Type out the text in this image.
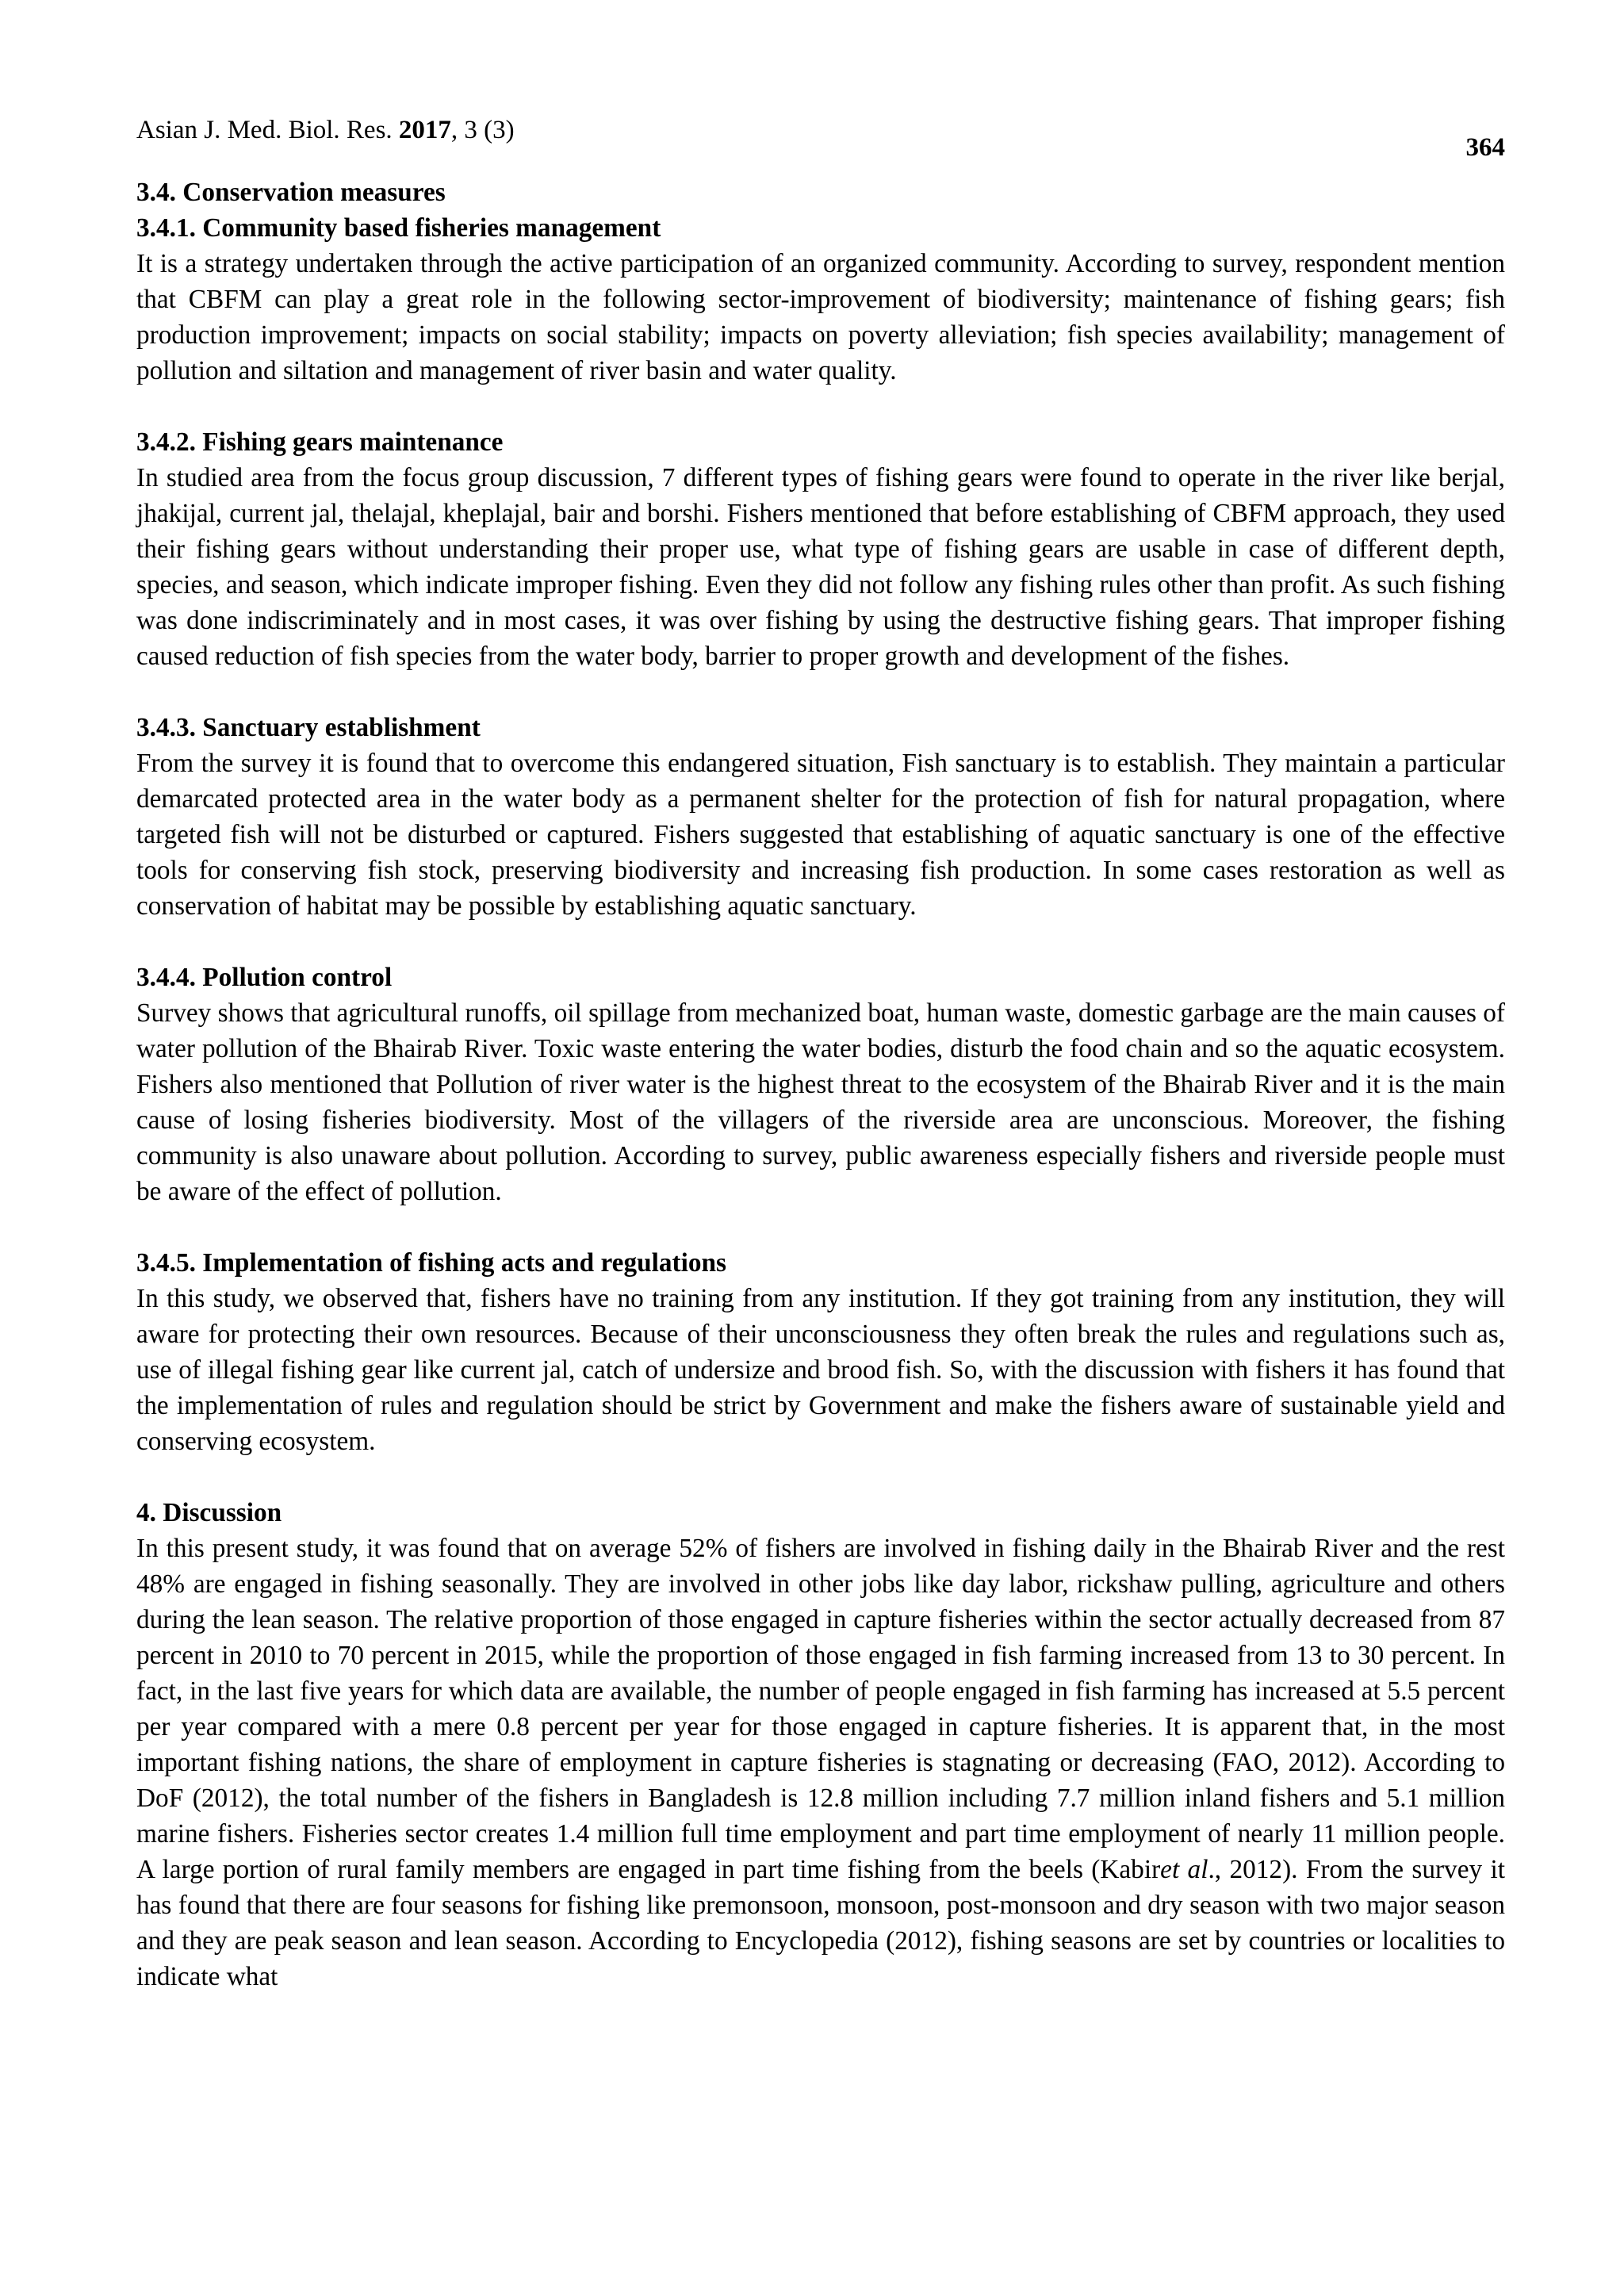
Asian J. Med. Biol. Res. 2017, 3 (3)
364

3.4. Conservation measures

3.4.1. Community based fisheries management

It is a strategy undertaken through the active participation of an organized community. According to survey, respondent mention that CBFM can play a great role in the following sector-improvement of biodiversity; maintenance of fishing gears; fish production improvement; impacts on social stability; impacts on poverty alleviation; fish species availability; management of pollution and siltation and management of river basin and water quality.

3.4.2. Fishing gears maintenance

In studied area from the focus group discussion, 7 different types of fishing gears were found to operate in the river like berjal, jhakijal, current jal, thelajal, kheplajal, bair and borshi. Fishers mentioned that before establishing of CBFM approach, they used their fishing gears without understanding their proper use, what type of fishing gears are usable in case of different depth, species, and season, which indicate improper fishing. Even they did not follow any fishing rules other than profit. As such fishing was done indiscriminately and in most cases, it was over fishing by using the destructive fishing gears. That improper fishing caused reduction of fish species from the water body, barrier to proper growth and development of the fishes.

3.4.3. Sanctuary establishment

From the survey it is found that to overcome this endangered situation, Fish sanctuary is to establish. They maintain a particular demarcated protected area in the water body as a permanent shelter for the protection of fish for natural propagation, where targeted fish will not be disturbed or captured. Fishers suggested that establishing of aquatic sanctuary is one of the effective tools for conserving fish stock, preserving biodiversity and increasing fish production. In some cases restoration as well as conservation of habitat may be possible by establishing aquatic sanctuary.

3.4.4. Pollution control

Survey shows that agricultural runoffs, oil spillage from mechanized boat, human waste, domestic garbage are the main causes of water pollution of the Bhairab River. Toxic waste entering the water bodies, disturb the food chain and so the aquatic ecosystem. Fishers also mentioned that Pollution of river water is the highest threat to the ecosystem of the Bhairab River and it is the main cause of losing fisheries biodiversity. Most of the villagers of the riverside area are unconscious. Moreover, the fishing community is also unaware about pollution. According to survey, public awareness especially fishers and riverside people must be aware of the effect of pollution.

3.4.5. Implementation of fishing acts and regulations

In this study, we observed that, fishers have no training from any institution. If they got training from any institution, they will aware for protecting their own resources. Because of their unconsciousness they often break the rules and regulations such as, use of illegal fishing gear like current jal, catch of undersize and brood fish. So, with the discussion with fishers it has found that the implementation of rules and regulation should be strict by Government and make the fishers aware of sustainable yield and conserving ecosystem.

4. Discussion

In this present study, it was found that on average 52% of fishers are involved in fishing daily in the Bhairab River and the rest 48% are engaged in fishing seasonally. They are involved in other jobs like day labor, rickshaw pulling, agriculture and others during the lean season. The relative proportion of those engaged in capture fisheries within the sector actually decreased from 87 percent in 2010 to 70 percent in 2015, while the proportion of those engaged in fish farming increased from 13 to 30 percent. In fact, in the last five years for which data are available, the number of people engaged in fish farming has increased at 5.5 percent per year compared with a mere 0.8 percent per year for those engaged in capture fisheries. It is apparent that, in the most important fishing nations, the share of employment in capture fisheries is stagnating or decreasing (FAO, 2012). According to DoF (2012), the total number of the fishers in Bangladesh is 12.8 million including 7.7 million inland fishers and 5.1 million marine fishers. Fisheries sector creates 1.4 million full time employment and part time employment of nearly 11 million people. A large portion of rural family members are engaged in part time fishing from the beels (Kabiret al., 2012). From the survey it has found that there are four seasons for fishing like premonsoon, monsoon, post-monsoon and dry season with two major season and they are peak season and lean season. According to Encyclopedia (2012), fishing seasons are set by countries or localities to indicate what
